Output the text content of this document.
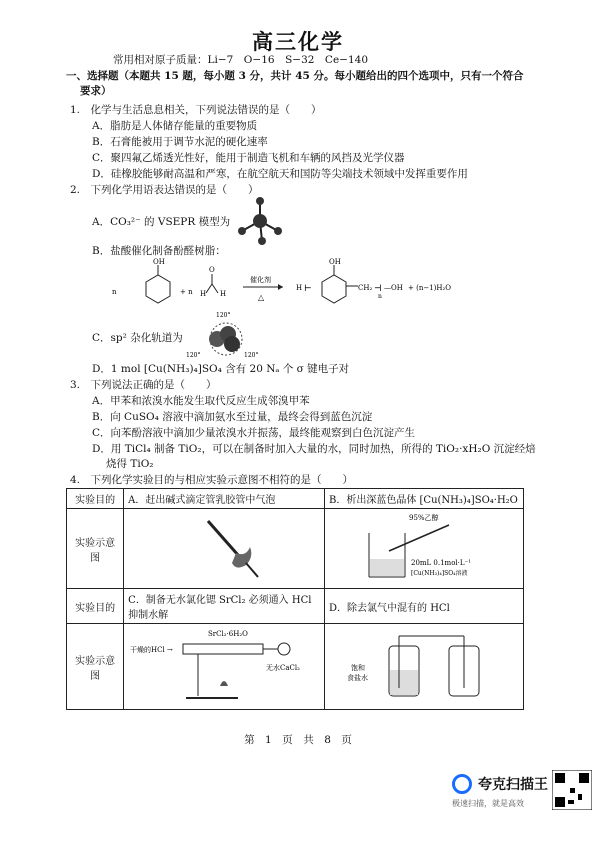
高三化学
常用相对原子质量：Li−7　O−16　S−32　Ce−140
一、选择题（本题共 15 题，每小题 3 分，共计 45 分。每小题给出的四个选项中，只有一个符合
要求）
1.　化学与生活息息相关，下列说法错误的是（　　）
A．脂肪是人体储存能量的重要物质
B．石膏能被用于调节水泥的硬化速率
C．聚四氟乙烯透光性好，能用于制造飞机和车辆的风挡及光学仪器
D．硅橡胶能够耐高温和严寒，在航空航天和国防等尖端技术领域中发挥重要作用
2.　下列化学用语表达错误的是（　　）
A．CO₃²⁻ 的 VSEPR 模型为
B．盐酸催化制备酚醛树脂：
n
OH
+ n H
O
H
催化剂
△
H ⊢
OH
CH₂ ⊣
n
—OH + (n−1)H₂O
C．sp² 杂化轨道为
120°
120°	120°
D．1 mol [Cu(NH₃)₄]SO₄ 含有 20 Nₐ 个 σ 键电子对
3.　下列说法正确的是（　　）
A．甲苯和浓溴水能发生取代反应生成邻溴甲苯
B．向 CuSO₄ 溶液中滴加氨水至过量，最终会得到蓝色沉淀
C．向苯酚溶液中滴加少量浓溴水并振荡，最终能观察到白色沉淀产生
D．用 TiCl₄ 制备 TiO₂，可以在制备时加入大量的水，同时加热，所得的 TiO₂·xH₂O 沉淀经焙
烧得 TiO₂
4.　下列化学实验目的与相应实验示意图不相符的是（　　）
实验目的	A．赶出碱式滴定管乳胶管中气泡	B．析出深蓝色晶体 [Cu(NH₃)₄]SO₄·H₂O
实验示意图		95%乙醇
20mL 0.1mol·L⁻¹
[Cu(NH₃)₄]SO₄溶液

实验目的	C．制备无水氯化锶 SrCl₂ 必须通入 HCl 抑制水解	D．除去氯气中混有的 HCl
实验示意图	干燥的HCl →
SrCl₂·6H₂O
无水CaCl₂	饱和
食盐水
第　1　页　共　8　页
夸克扫描王
极速扫描，就是高效
